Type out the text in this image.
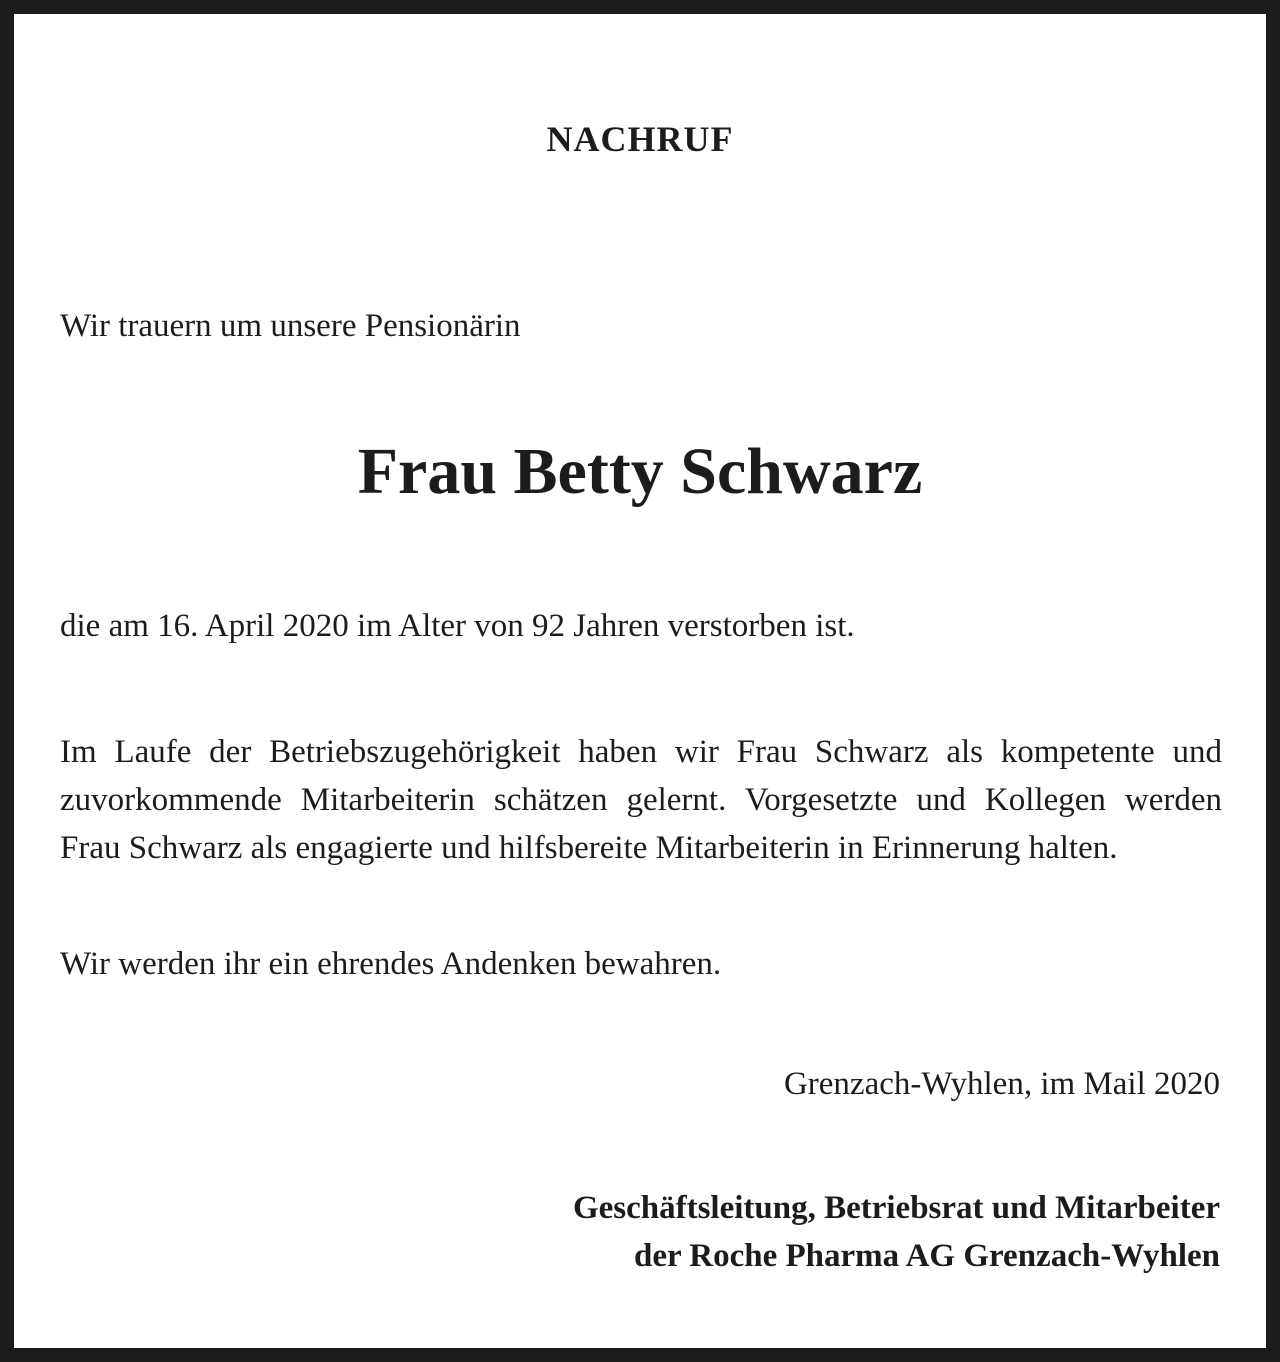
NACHRUF

Wir trauern um unsere Pensionärin

Frau Betty Schwarz

die am 16. April 2020 im Alter von 92 Jahren verstorben ist.

Im Laufe der Betriebszugehörigkeit haben wir Frau Schwarz als kompetente und
zuvorkommende Mitarbeiterin schätzen gelernt. Vorgesetzte und Kollegen werden
Frau Schwarz als engagierte und hilfsbereite Mitarbeiterin in Erinnerung halten.

Wir werden ihr ein ehrendes Andenken bewahren.

Grenzach-Wyhlen, im Mail 2020

Geschäftsleitung, Betriebsrat und Mitarbeiter
der Roche Pharma AG Grenzach-Wyhlen
